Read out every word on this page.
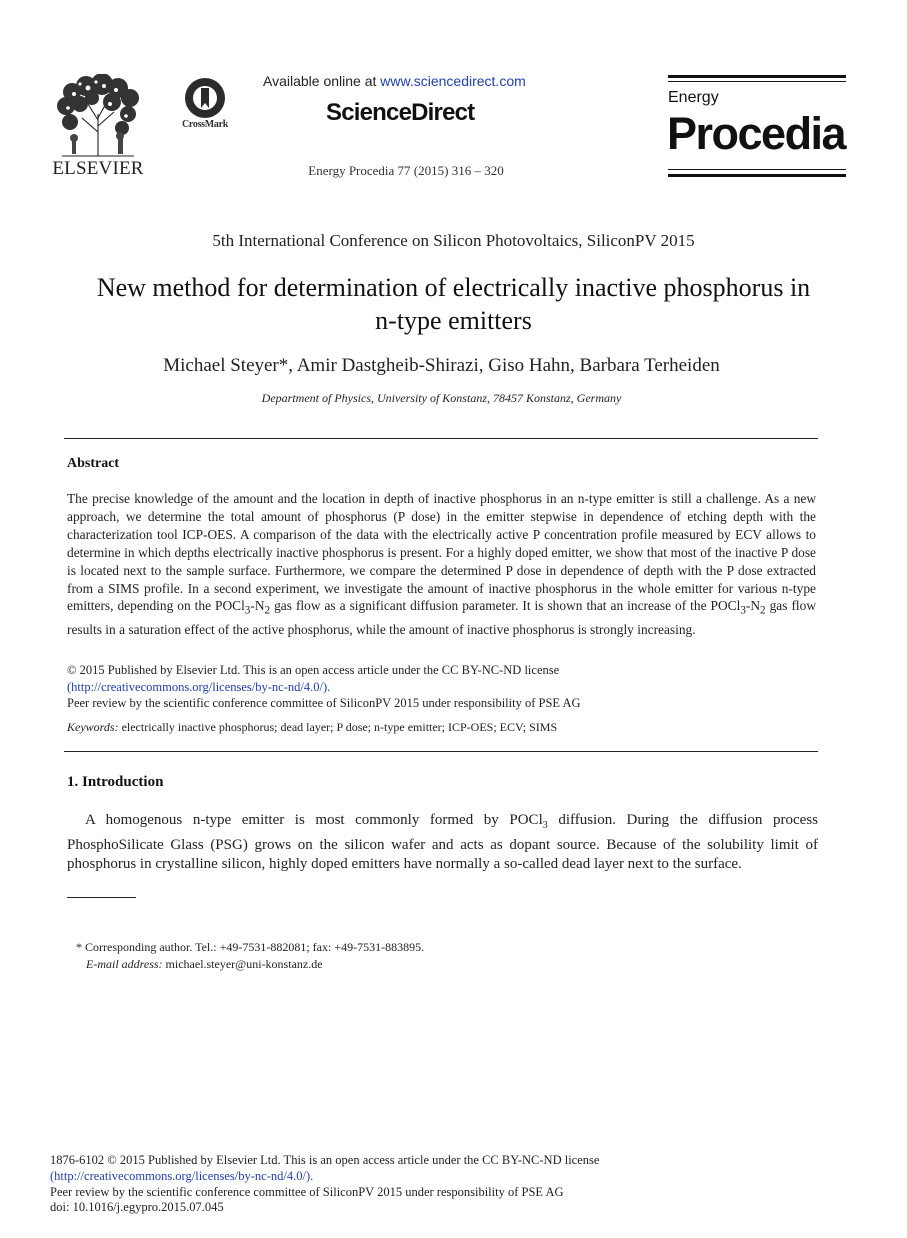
ELSEVIER
CrossMark
Available online at www.sciencedirect.com
ScienceDirect
Energy Procedia 77 (2015) 316 – 320
Energy
Procedia
5th International Conference on Silicon Photovoltaics, SiliconPV 2015
New method for determination of electrically inactive phosphorus in
n-type emitters
Michael Steyer*, Amir Dastgheib-Shirazi, Giso Hahn, Barbara Terheiden
Department of Physics, University of Konstanz, 78457 Konstanz, Germany
Abstract
The precise knowledge of the amount and the location in depth of inactive phosphorus in an n-type emitter is still a challenge. As a new approach, we determine the total amount of phosphorus (P dose) in the emitter stepwise in dependence of etching depth with the characterization tool ICP-OES. A comparison of the data with the electrically active P concentration profile measured by ECV allows to determine in which depths electrically inactive phosphorus is present. For a highly doped emitter, we show that most of the inactive P dose is located next to the sample surface. Furthermore, we compare the determined P dose in dependence of depth with the P dose extracted from a SIMS profile. In a second experiment, we investigate the amount of inactive phosphorus in the whole emitter for various n-type emitters, depending on the $POCl_3-N_2$ gas flow as a significant diffusion parameter. It is shown that an increase of the $POCl_3-N_2$ gas flow results in a saturation effect of the active phosphorus, while the amount of inactive phosphorus is strongly increasing.
© 2015 Published by Elsevier Ltd. This is an open access article under the CC BY-NC-ND license
(http://creativecommons.org/licenses/by-nc-nd/4.0/).
Peer review by the scientific conference committee of SiliconPV 2015 under responsibility of PSE AG
Keywords: electrically inactive phosphorus; dead layer; P dose; n-type emitter; ICP-OES; ECV; SIMS
1. Introduction
A homogenous n-type emitter is most commonly formed by POCl$_3$ diffusion. During the diffusion process PhosphoSilicate Glass (PSG) grows on the silicon wafer and acts as dopant source. Because of the solubility limit of phosphorus in crystalline silicon, highly doped emitters have normally a so-called dead layer next to the surface.
* Corresponding author. Tel.: +49-7531-882081; fax: +49-7531-883895.
E-mail address: michael.steyer@uni-konstanz.de
1876-6102 © 2015 Published by Elsevier Ltd. This is an open access article under the CC BY-NC-ND license
(http://creativecommons.org/licenses/by-nc-nd/4.0/).
Peer review by the scientific conference committee of SiliconPV 2015 under responsibility of PSE AG
doi: 10.1016/j.egypro.2015.07.045
